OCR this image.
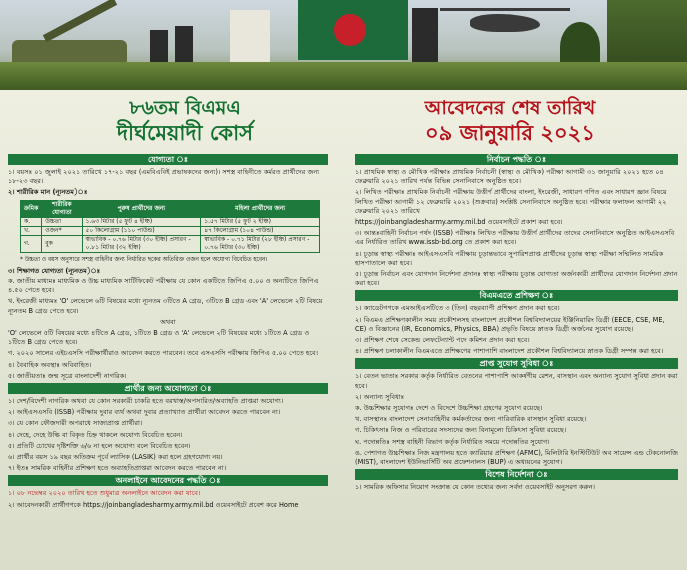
৮৬তম বিএমএ
দীর্ঘমেয়াদী কোর্স
আবেদনের শেষ তারিখ
০৯ জানুয়ারি ২০২১
যোগ্যতা ঃ
১। বয়সঃ ০১ জুলাই ২০২১ তারিখে ১৭-২১ বছর (এমবিএবিই প্রভাষকদের জন্য)। সশস্ত্র বাহিনীতে কর্মরত প্রার্থীদের জন্য ১৮-২৩ বছর।
২। শারীরিক মান (ন্যূনতম)ঃ
ক্রমিক	শারীরিক যোগ্যতা	পুরুষ প্রার্থীদের জন্য	মহিলা প্রার্থীদের জন্য
ক.	উচ্চতা	১.৬৩ মিটার (৫ ফুট ৪ ইঞ্চি)	১.৫৭ মিটার (৫ ফুট ২ ইঞ্চি)
খ.	ওজন*	৫০ কিলোগ্রাম (১১০ পাউন্ড)	৪৭ কিলোগ্রাম (১০৪ পাউন্ড)
গ.	বুক	স্বাভাবিক - ০.৭৬ মিটার (৩০ ইঞ্চি) প্রসারণ - ০.৮১ মিটার (৩২ ইঞ্চি)	স্বাভাবিক - ০.৭১ মিটার (২৮ ইঞ্চি) প্রসারণ - ০.৭৬ মিটার (৩০ ইঞ্চি)
* উচ্চতা ও বয়স অনুসারে সশস্ত্র বাহিনীর জন্য নির্ধারিত ছকের অতিরিক্ত ওজন হলে অযোগ্য বিবেচিত হবেন।
৩। শিক্ষাগত যোগ্যতা (ন্যূনতম)ঃ
ক. জাতীয় মাধ্যমঃ মাধ্যমিক ও উচ্চ মাধ্যমিক সার্টিফিকেট পরীক্ষায় যে কোন একটিতে জিপিএ ৫.০০ ও অন্যটিতে জিপিএ ৪.৫০ পেতে হবে।
খ. ইংরেজী মাধ্যমঃ 'O' লেভেলে ৬টি বিষয়ের মধ্যে ন্যূনতম ৩টিতে A গ্রেড, ৩টিতে B গ্রেড এবং 'A' লেভেলে ২টি বিষয়ে ন্যূনতম B গ্রেড পেতে হবে।
অথবা
'O' লেভেলে ৫টি বিষয়ের মধ্যে ৪টিতে A গ্রেড, ১টিতে B গ্রেড ও 'A' লেভেলে ২টি বিষয়ের মধ্যে ১টিতে A গ্রেড ও ১টিতে B গ্রেড পেতে হবে।
গ. ২০২০ সালের এইচএসসি পরীক্ষার্থীরাও আবেদন করতে পারবেন। তবে এসএসসি পরীক্ষায় জিপিএ ৫.০০ পেতে হবে।
৪। বৈবাহিক অবস্থাঃ অবিবাহিত।
৫। জাতীয়তাঃ জন্ম সূত্রে বাংলাদেশী নাগরিক।
প্রার্থীর জন্য অযোগ্যতা ঃ
১। দেশ/বিদেশী নাগরিক অথবা যে কোন সরকারী চাকরি হতে বরখাস্ত/অপসারিত/অব্যাহতি প্রাপ্তরা অযোগ্য।
২। আইএসএসবি (ISSB) পরীক্ষায় দুবার ব্যর্থ অথবা দুবার প্রত্যাখ্যাত প্রার্থীরা আবেদন করতে পারবেন না।
৩। যে কোন ফৌজদারী অপরাধে সাজাপ্রাপ্ত প্রার্থীরা।
৪। দেহে, দেহে উল্কি বা বিকৃত চিহ্ন থাকলে অযোগ্য বিবেচিত হবেন।
৫। প্রতিটি চোখের দৃষ্টিশক্তি ৬/৬ না হলে অযোগ্য বলে বিবেচিত হবেন।
৬। প্রার্থীর বয়স ১৯ বছর অতিক্রম পূর্বে ল্যাসিক (LASIK) করা হলে গ্রহণযোগ্য নয়।
৭। ইতঃ সামরিক বাহিনীর প্রশিক্ষণ হতে অব্যাহতিপ্রাপ্তরা আবেদন করতে পারবেন না।
অনলাইনে আবেদনের পদ্ধতি ঃ
১। ০৮ নভেম্বর ২০২০ তারিখ হতে শুধুমাত্র অনলাইনে আবেদন করা যাবে।
২। আবেদনকারী প্রার্থীগণকে https://joinbangladesharmy.army.mil.bd ওয়েবসাইটে প্রবেশ করে Home
নির্বাচন পদ্ধতি ঃ
১। প্রাথমিক স্বাস্থ্য ও মৌখিক পরীক্ষাঃ প্রাথমিক নির্বাচনী (স্বাস্থ্য ও মৌখিক) পরীক্ষা আগামী ৩১ জানুয়ারি ২০২১ হতে ০৪ ফেব্রুয়ারি ২০২১ তারিখ পর্যন্ত বিভিন্ন সেনানিবাসে অনুষ্ঠিত হবে।
২। লিখিত পরীক্ষাঃ প্রাথমিক নির্বাচনী পরীক্ষায় উত্তীর্ণ প্রার্থীদের বাংলা, ইংরেজী, সাধারণ গণিত এবং সাধারণ জ্ঞান বিষয়ে লিখিত পরীক্ষা আগামী ১২ ফেব্রুয়ারি ২০২১ (শুক্রবার) সংশ্লিষ্ট সেনানিবাসে অনুষ্ঠিত হবে। পরীক্ষার ফলাফল আগামী ২২ ফেব্রুয়ারি ২০২১ তারিখে
https://joinbangladesharmy.army.mil.bd ওয়েবসাইটে প্রকাশ করা হবে।
৩। আন্তঃবাহিনী নির্বাচন পর্ষদ (ISSB) পরীক্ষাঃ লিখিত পরীক্ষায় উত্তীর্ণ প্রার্থীদের তাদের সেনানিবাসে অনুষ্ঠিত আইএসএসবি এর নির্ধারিত তারিখ www.issb-bd.org তে প্রকাশ করা হবে।
৪। চূড়ান্ত স্বাস্থ্য পরীক্ষাঃ আইএসএসবি পরীক্ষায় চূড়ান্তভাবে সুপারিশপ্রাপ্ত প্রার্থীদের চূড়ান্ত স্বাস্থ্য পরীক্ষা সম্মিলিত সামরিক হাসপাতালে করা হবে।
৫। চূড়ান্ত নির্বাচন এবং যোগদান নির্দেশনা প্রদানঃ স্বাস্থ্য পরীক্ষায় চূড়ান্ত যোগ্যতা অর্জনকারী প্রার্থীদের যোগদান নির্দেশনা প্রদান করা হবে।
বিএমএতে প্রশিক্ষণ ঃ
১। ক্যাডেটগণকে এমআইএসটিতে ৩ (তিন) বছরব্যাপী প্রশিক্ষণ প্রদান করা হবে।
২। বিএমএ প্রশিক্ষণকালীন সময় প্রকৌশলসহ বাংলাদেশ প্রকৌশল বিশ্ববিদ্যালয়ের ইঞ্জিনিয়ারিং ডিগ্রী (EECE, CSE, ME, CE) ও বিজ্ঞানের (IR, Economics, Physics, BBA) প্রভৃতি বিষয়ে স্নাতক ডিগ্রী অর্জনের সুযোগ রয়েছে।
৩। প্রশিক্ষণ শেষে সেকেন্ড লেফটেন্যান্ট পদে কমিশন প্রদান করা হবে।
৪। প্রশিক্ষণ চলাকালীন বিএমএতে প্রশিক্ষণের পাশাপাশি বাংলাদেশ প্রকৌশল বিশ্ববিদ্যালয়ে স্নাতক ডিগ্রী সম্পন্ন করা হবে।
প্রাপ্ত সুযোগ সুবিধা ঃ
১। বেতন ভাতাঃ সরকার কর্তৃক নির্ধারিত বেতনের পাশাপাশি আকর্ষণীয় রেশন, বাসস্থান এবং অন্যান্য সুযোগ সুবিধা প্রদান করা হবে।
২। অন্যান্য সুবিধাঃ
ক. উচ্চশিক্ষার সুযোগঃ দেশে ও বিদেশে উচ্চশিক্ষা গ্রহণের সুযোগ রয়েছে।
খ. বাসস্থানঃ বাংলাদেশ সেনাবাহিনীর কর্মকর্তাদের জন্য পারিবারিক বাসস্থান সুবিধা রয়েছে।
গ. চিকিৎসাঃ নিজ ও পরিবারের সদস্যদের জন্য বিনামূল্যে চিকিৎসা সুবিধা রয়েছে।
ঘ. পদোন্নতিঃ সশস্ত্র বাহিনী বিভাগ কর্তৃক নির্ধারিত সময়ে পদোন্নতির সুযোগ।
ঙ. পেশাগত উচ্চশিক্ষাঃ নিজ মন্ত্রণালয় হতে ক্যারিয়ার প্রশিক্ষণ (AFMC), মিলিটারি ইনস্টিটিউট অব সায়েন্স এন্ড টেকনোলজি (MIST), বাংলাদেশ ইউনিভার্সিটি অব প্রফেশনালস (BUP) এ অধ্যয়নের সুযোগ।
বিশেষ নির্দেশনা ঃ
১। সামরিক অফিসার নিয়োগ সংক্রান্ত যে কোন তথ্যের জন্য সর্বদা ওয়েবসাইট অনুসরণ করুন।
